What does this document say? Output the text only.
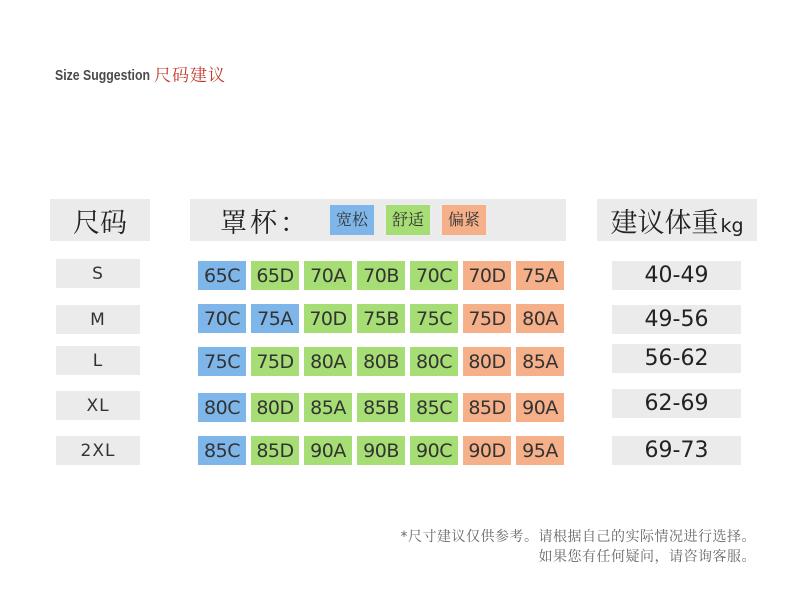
Size Suggestion 尺码建议
尺码	罩杯：	宽松	舒适	偏紧	建议体重 kg
S	65C 65D 70A 70B 70C 70D 75A	40-49
M	70C 75A 70D 75B 75C 75D 80A	49-56
L	75C 75D 80A 80B 80C 80D 85A	56-62
XL	80C 80D 85A 85B 85C 85D 90A	62-69
2XL	85C 85D 90A 90B 90C 90D 95A	69-73
*尺寸建议仅供参考。请根据自己的实际情况进行选择。
如果您有任何疑问，请咨询客服。
